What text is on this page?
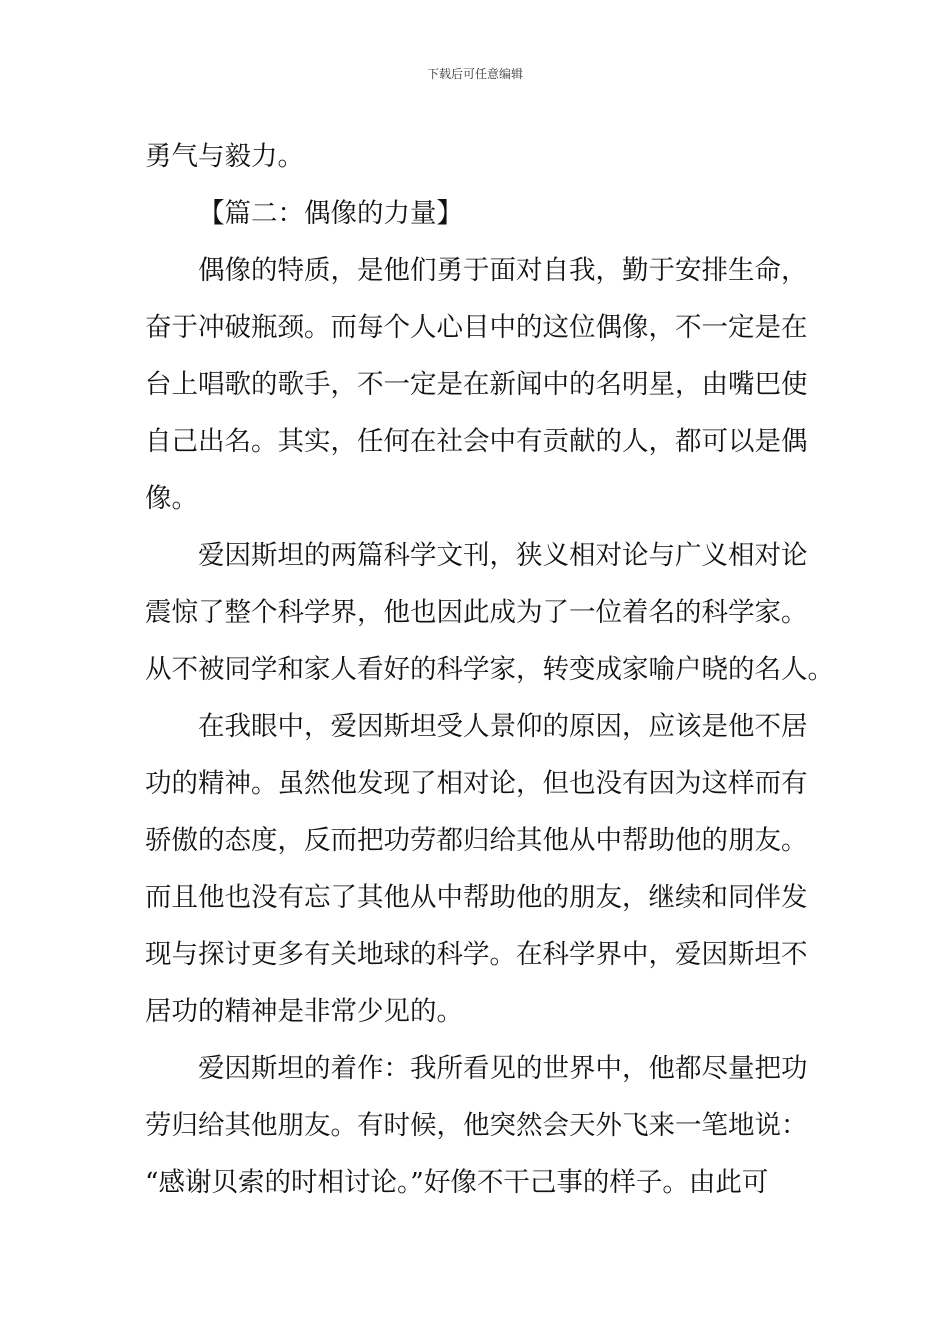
下载后可任意编辑
勇气与毅力。
【篇二：偶像的力量】
偶像的特质，是他们勇于面对自我，勤于安排生命，
奋于冲破瓶颈。而每个人心目中的这位偶像，不一定是在
台上唱歌的歌手，不一定是在新闻中的名明星，由嘴巴使
自己出名。其实，任何在社会中有贡献的人，都可以是偶
像。
爱因斯坦的两篇科学文刊，狭义相对论与广义相对论
震惊了整个科学界，他也因此成为了一位着名的科学家。
从不被同学和家人看好的科学家，转变成家喻户晓的名人。
在我眼中，爱因斯坦受人景仰的原因，应该是他不居
功的精神。虽然他发现了相对论，但也没有因为这样而有
骄傲的态度，反而把功劳都归给其他从中帮助他的朋友。
而且他也没有忘了其他从中帮助他的朋友，继续和同伴发
现与探讨更多有关地球的科学。在科学界中，爱因斯坦不
居功的精神是非常少见的。
爱因斯坦的着作：我所看见的世界中，他都尽量把功
劳归给其他朋友。有时候，他突然会天外飞来一笔地说：
“感谢贝索的时相讨论。”好像不干己事的样子。由此可
